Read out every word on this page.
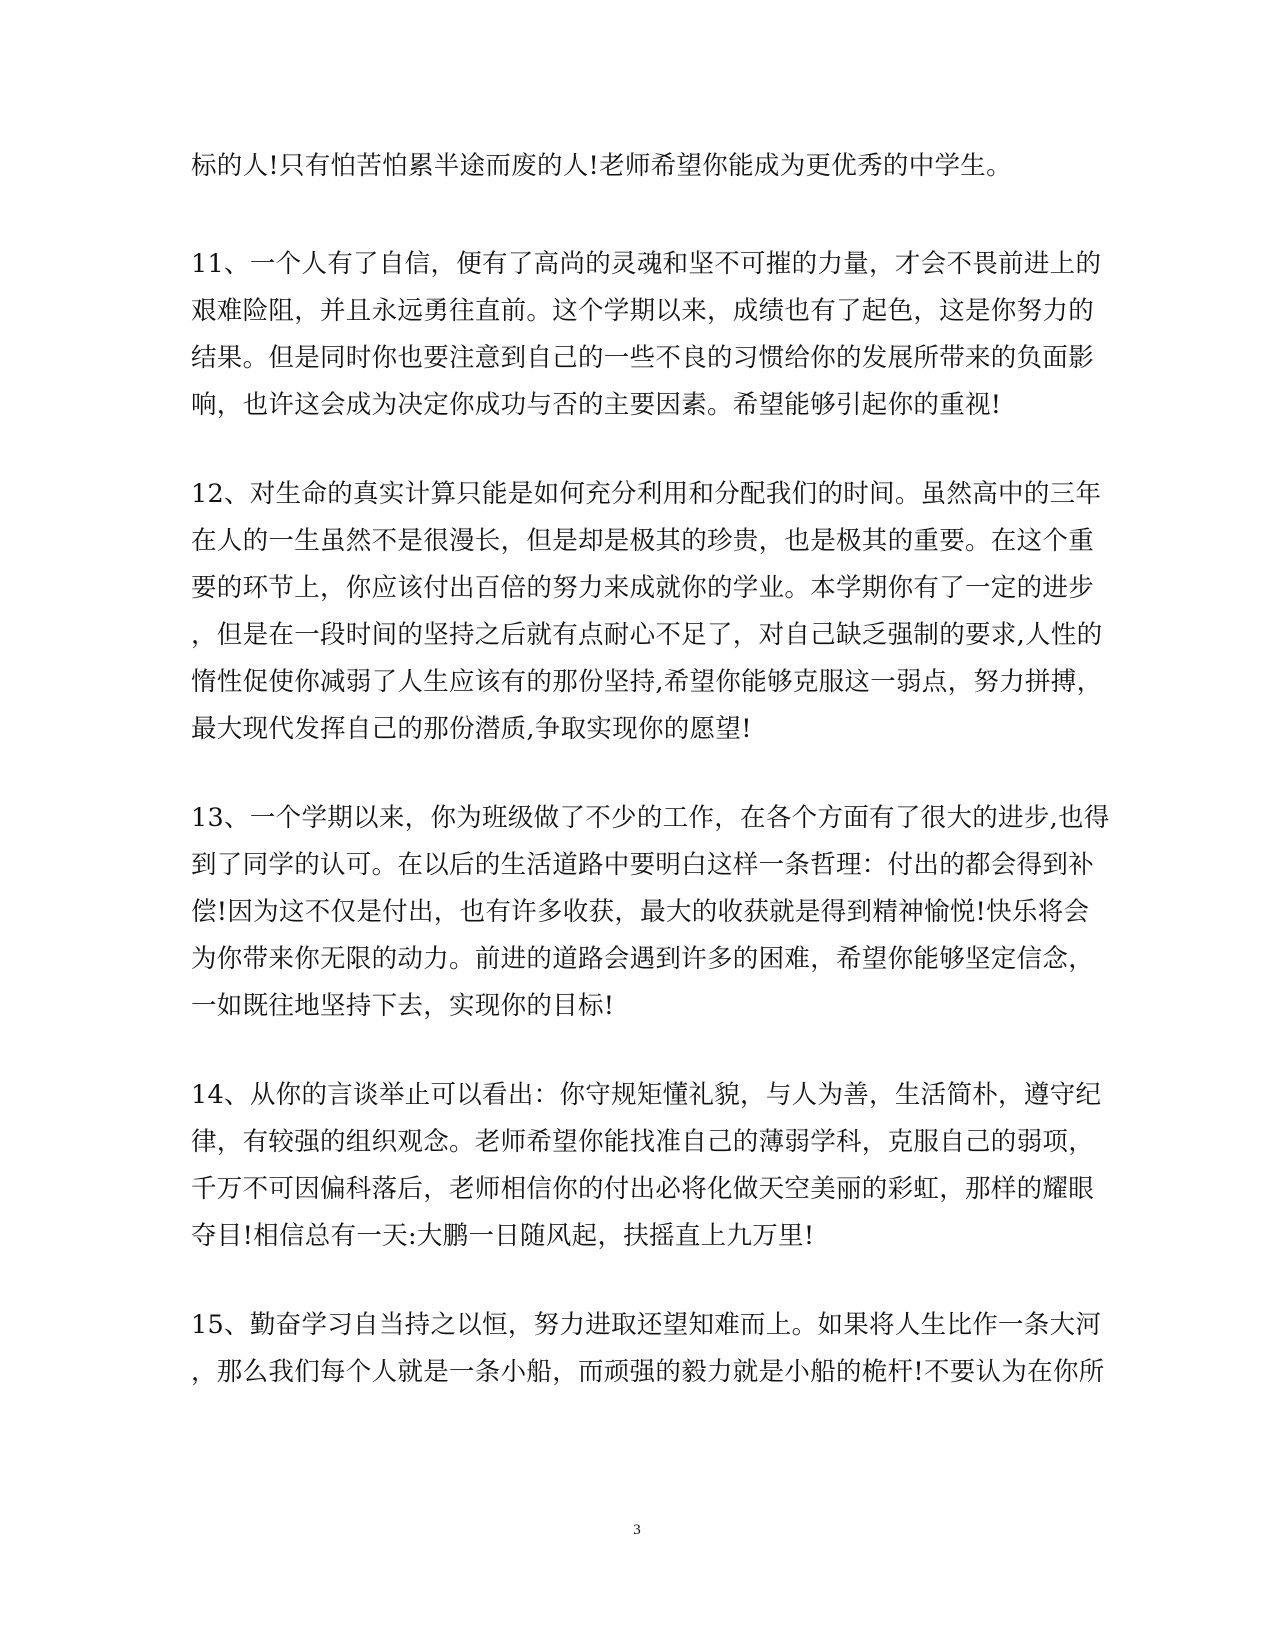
标的人!只有怕苦怕累半途而废的人!老师希望你能成为更优秀的中学生。
11、一个人有了自信，便有了高尚的灵魂和坚不可摧的力量，才会不畏前进上的
艰难险阻，并且永远勇往直前。这个学期以来，成绩也有了起色，这是你努力的
结果。但是同时你也要注意到自己的一些不良的习惯给你的发展所带来的负面影
响，也许这会成为决定你成功与否的主要因素。希望能够引起你的重视!
12、对生命的真实计算只能是如何充分利用和分配我们的时间。虽然高中的三年
在人的一生虽然不是很漫长，但是却是极其的珍贵，也是极其的重要。在这个重
要的环节上，你应该付出百倍的努力来成就你的学业。本学期你有了一定的进步
，但是在一段时间的坚持之后就有点耐心不足了，对自己缺乏强制的要求,人性的
惰性促使你减弱了人生应该有的那份坚持,希望你能够克服这一弱点，努力拼搏，
最大现代发挥自己的那份潜质,争取实现你的愿望!
13、一个学期以来，你为班级做了不少的工作，在各个方面有了很大的进步,也得
到了同学的认可。在以后的生活道路中要明白这样一条哲理：付出的都会得到补
偿!因为这不仅是付出，也有许多收获，最大的收获就是得到精神愉悦!快乐将会
为你带来你无限的动力。前进的道路会遇到许多的困难，希望你能够坚定信念，
一如既往地坚持下去，实现你的目标!
14、从你的言谈举止可以看出：你守规矩懂礼貌，与人为善，生活简朴，遵守纪
律，有较强的组织观念。老师希望你能找准自己的薄弱学科，克服自己的弱项，
千万不可因偏科落后，老师相信你的付出必将化做天空美丽的彩虹，那样的耀眼
夺目!相信总有一天:大鹏一日随风起，扶摇直上九万里!
15、勤奋学习自当持之以恒，努力进取还望知难而上。如果将人生比作一条大河
，那么我们每个人就是一条小船，而顽强的毅力就是小船的桅杆!不要认为在你所
3
